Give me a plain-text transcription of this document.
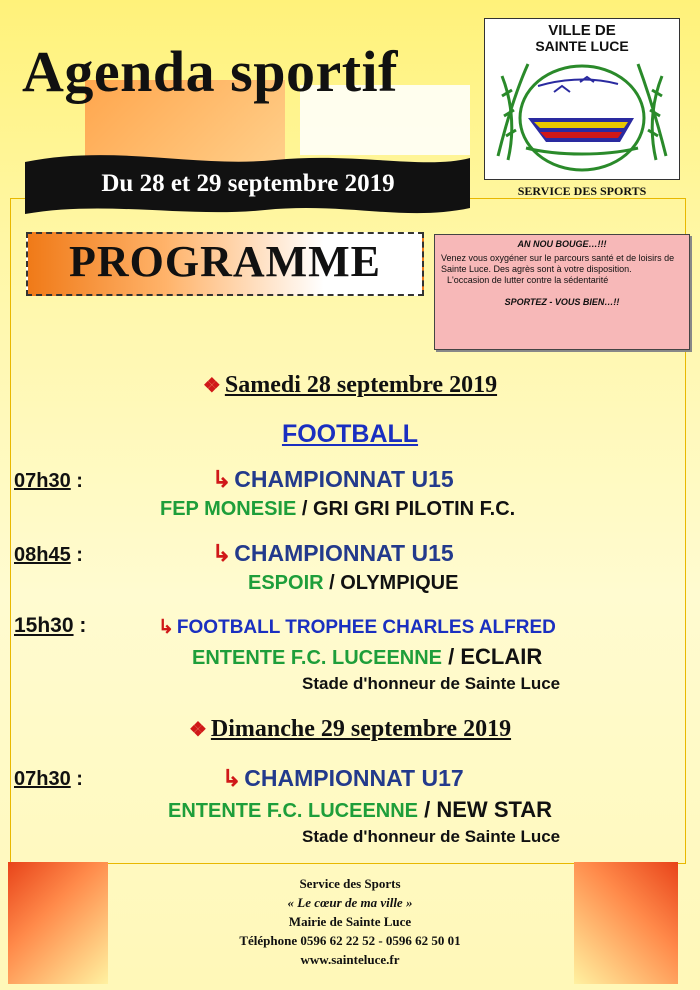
Agenda sportif
Du 28 et 29 septembre 2019
VILLE DE
SAINTE LUCE
SERVICE DES SPORTS
PROGRAMME	AN NOU BOUGE…!!!

Venez vous oxygéner sur le parcours santé et de loisirs de Sainte Luce. Des agrès sont à votre disposition.

L'occasion de lutter contre la sédentarité

SPORTEZ - VOUS BIEN…!!

❖ Samedi 28 septembre 2019
FOOTBALL
07h30 :	↳ CHAMPIONNAT U15
FEP MONESIE / GRI GRI PILOTIN F.C.
08h45 :	↳ CHAMPIONNAT U15
ESPOIR / OLYMPIQUE
15h30 :	↳ FOOTBALL TROPHEE CHARLES ALFRED
ENTENTE F.C. LUCEENNE / ECLAIR
Stade d'honneur de Sainte Luce
❖ Dimanche 29 septembre 2019
07h30 :	↳ CHAMPIONNAT U17
ENTENTE F.C. LUCEENNE / NEW STAR
Stade d'honneur de Sainte Luce
Service des Sports
« Le cœur de ma ville »
Mairie de Sainte Luce
Téléphone 0596 62 22 52 - 0596 62 50 01
www.sainteluce.fr
